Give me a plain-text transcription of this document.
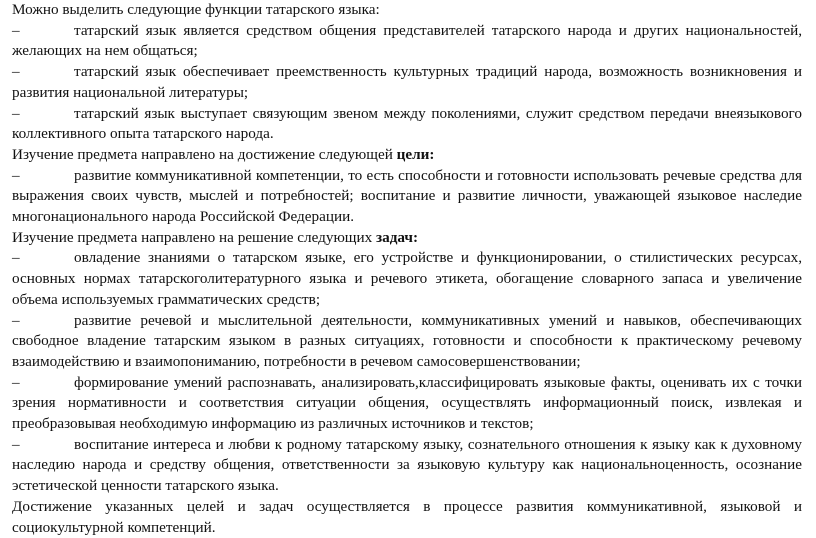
Можно выделить следующие функции татарского языка:

–	татарский язык является средством общения представителей татарского народа и других национальностей, желающих на нем общаться;

–	татарский язык обеспечивает преемственность культурных традиций народа, возможность возникновения и развития национальной литературы;

–	татарский язык выступает связующим звеном между поколениями, служит средством передачи внеязыкового коллективного опыта татарского народа.

Изучение предмета направлено на достижение следующей цели:

–	развитие коммуникативной компетенции, то есть способности и готовности использовать речевые средства для выражения своих чувств, мыслей и потребностей; воспитание и развитие личности, уважающей языковое наследие многонационального народа Российской Федерации.

Изучение предмета направлено на решение следующих задач:

–	овладение знаниями о татарском языке, его устройстве и функционировании, о стилистических ресурсах, основных нормах татарскоголитературного языка и речевого этикета, обогащение словарного запаса и увеличение объема используемых грамматических средств;

–	развитие речевой и мыслительной деятельности, коммуникативных умений и навыков, обеспечивающих свободное владение татарским языком в разных ситуациях, готовности и способности к практическому речевому взаимодействию и взаимопониманию, потребности в речевом самосовершенствовании;

–	формирование умений распознавать, анализировать,классифицировать языковые факты, оценивать их с точки зрения нормативности и соответствия ситуации общения, осуществлять информационный поиск, извлекая и преобразовывая необходимую информацию из различных источников и текстов;

–	воспитание интереса и любви к родному татарскому языку, сознательного отношения к языку как к духовному наследию народа и средству общения, ответственности за языковую культуру как национальноценность, осознание эстетической ценности татарского языка.

Достижение указанных целей и задач осуществляется в процессе развития коммуникативной, языковой и социокультурной компетенций.
